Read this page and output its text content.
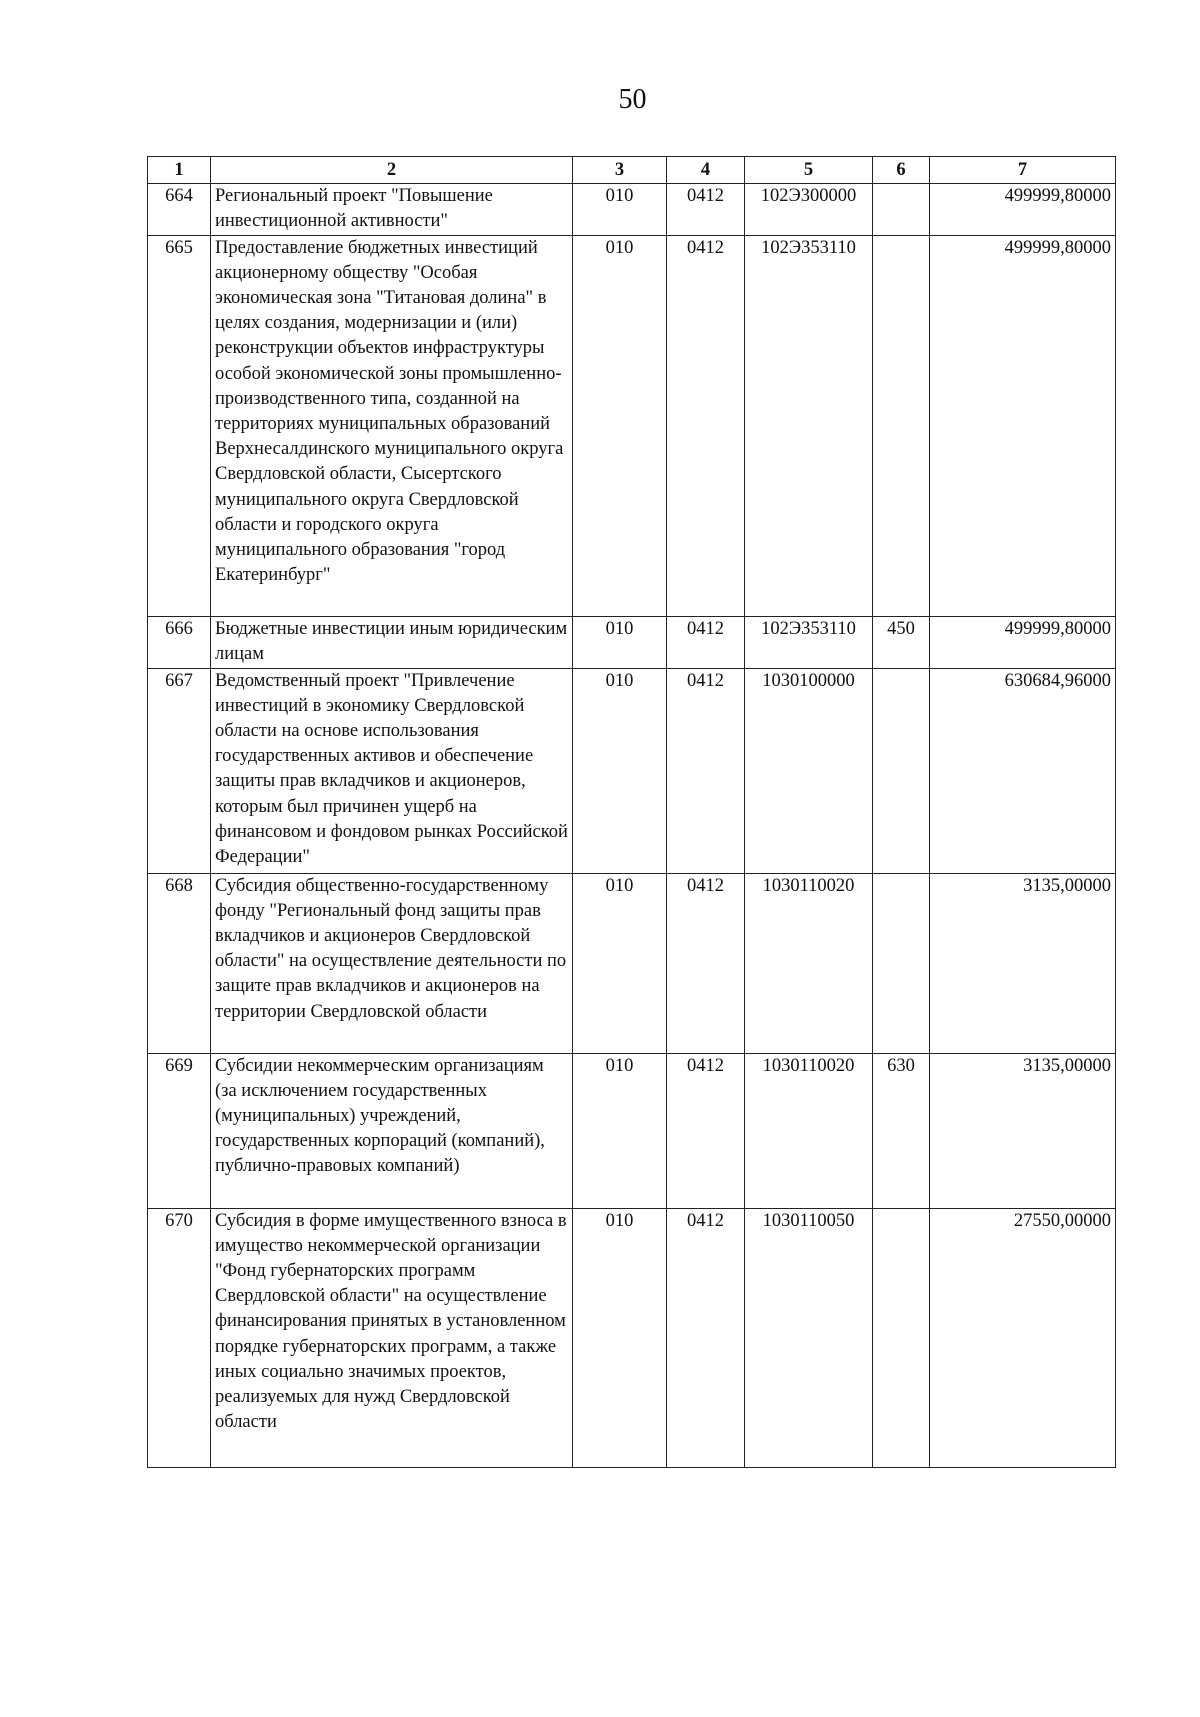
50
1	2	3	4	5	6	7
664	Региональный проект "Повышение инвестиционной активности"	010	0412	102Э300000		499999,80000
665	Предоставление бюджетных инвестиций акционерному обществу "Особая экономическая зона "Титановая долина" в целях создания, модернизации и (или) реконструкции объектов инфраструктуры особой экономической зоны промышленно-производственного типа, созданной на территориях муниципальных образований Верхнесалдинского муниципального округа Свердловской области, Сысертского муниципального округа Свердловской области и городского округа муниципального образования "город Екатеринбург"	010	0412	102Э353110		499999,80000
666	Бюджетные инвестиции иным юридическим лицам	010	0412	102Э353110	450	499999,80000
667	Ведомственный проект "Привлечение инвестиций в экономику Свердловской области на основе использования государственных активов и обеспечение защиты прав вкладчиков и акционеров, которым был причинен ущерб на финансовом и фондовом рынках Российской Федерации"	010	0412	1030100000		630684,96000
668	Субсидия общественно-государственному фонду "Региональный фонд защиты прав вкладчиков и акционеров Свердловской области" на осуществление деятельности по защите прав вкладчиков и акционеров на территории Свердловской области	010	0412	1030110020		3135,00000
669	Субсидии некоммерческим организациям (за исключением государственных (муниципальных) учреждений, государственных корпораций (компаний), публично-правовых компаний)	010	0412	1030110020	630	3135,00000
670	Субсидия в форме имущественного взноса в имущество некоммерческой организации "Фонд губернаторских программ Свердловской области" на осуществление финансирования принятых в установленном порядке губернаторских программ, а также иных социально значимых проектов, реализуемых для нужд Свердловской области	010	0412	1030110050		27550,00000
